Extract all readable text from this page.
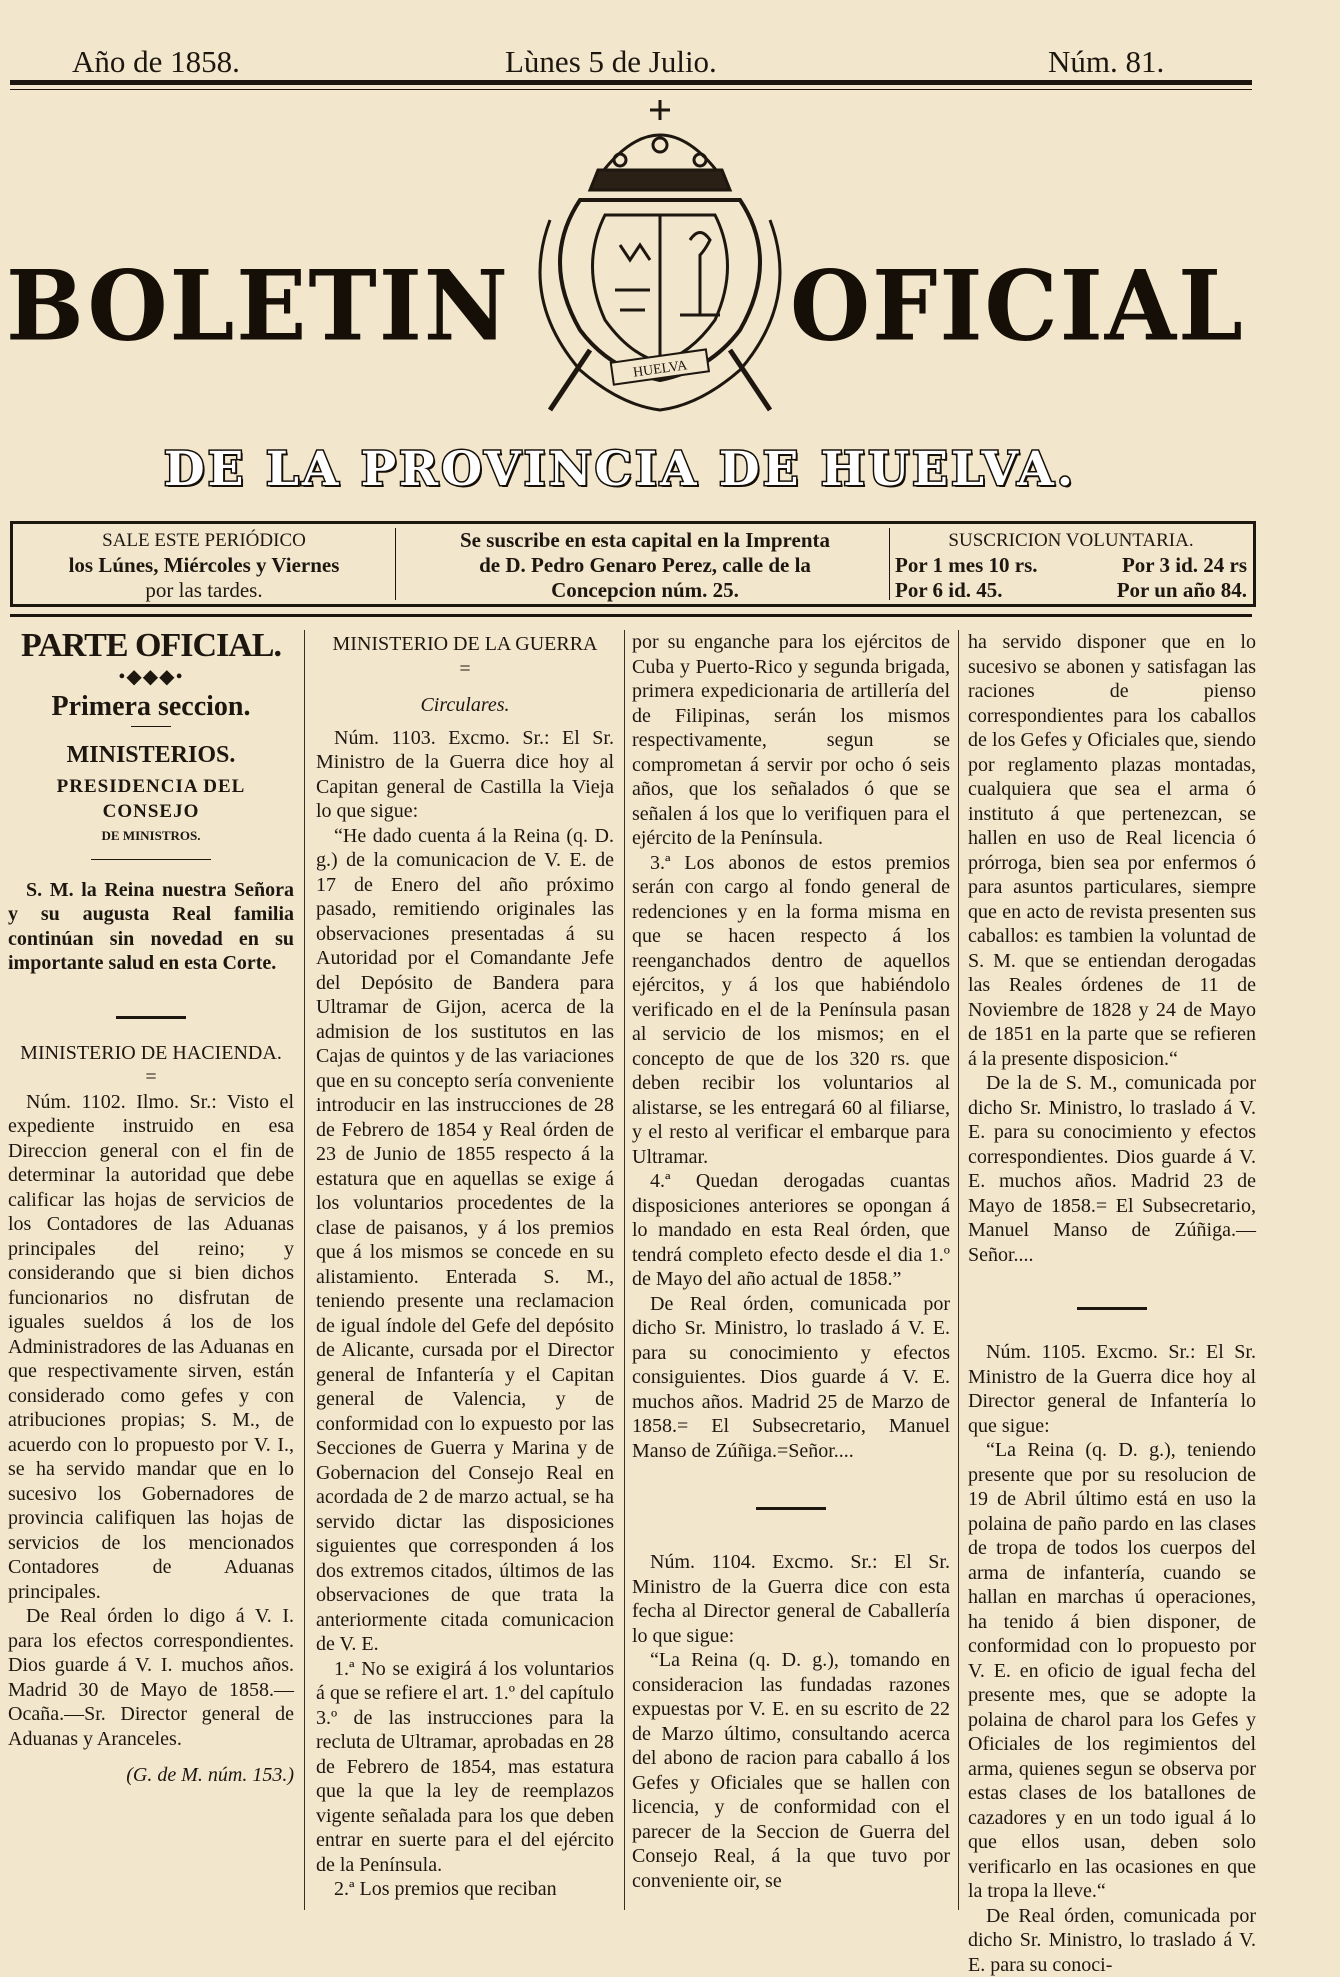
Año de 1858.	Lùnes 5 de Julio.	Núm. 81.
BOLETIN	OFICIAL
HUELVA
DE LA PROVINCIA DE HUELVA.
SALE ESTE PERIÓDICO
los Lúnes, Miércoles y Viernes
por las tardes.
Se suscribe en esta capital en la Imprenta
de D. Pedro Genaro Perez, calle de la
Concepcion núm. 25.
SUSCRICION VOLUNTARIA.
Por 1 mes 10 rs.	Por 3 id. 24 rs
Por 6 id. 45.	Por un año 84.
PARTE OFICIAL.
•◆◆◆•
Primera seccion.
MINISTERIOS.
PRESIDENCIA DEL CONSEJO
DE MINISTROS.

S. M. la Reina nuestra Señora y su augusta Real familia continúan sin novedad en su importante salud en esta Corte.

MINISTERIO DE HACIENDA.
=

Núm. 1102. Ilmo. Sr.: Visto el expediente instruido en esa Direccion general con el fin de determinar la autoridad que debe calificar las hojas de servicios de los Contadores de las Aduanas principales del reino; y considerando que si bien dichos funcionarios no disfrutan de iguales sueldos á los de los Administradores de las Aduanas en que respectivamente sirven, están considerado como gefes y con atribuciones propias; S. M., de acuerdo con lo propuesto por V. I., se ha servido mandar que en lo sucesivo los Gobernadores de provincia califiquen las hojas de servicios de los mencionados Contadores de Aduanas principales.

De Real órden lo digo á V. I. para los efectos correspondientes. Dios guarde á V. I. muchos años. Madrid 30 de Mayo de 1858.— Ocaña.—Sr. Director general de Aduanas y Aranceles.

(G. de M. núm. 153.)
MINISTERIO DE LA GUERRA
=
Circulares.

Núm. 1103. Excmo. Sr.: El Sr. Ministro de la Guerra dice hoy al Capitan general de Castilla la Vieja lo que sigue:

“He dado cuenta á la Reina (q. D. g.) de la comunicacion de V. E. de 17 de Enero del año próximo pasado, remitiendo originales las observaciones presentadas á su Autoridad por el Comandante Jefe del Depósito de Bandera para Ultramar de Gijon, acerca de la admision de los sustitutos en las Cajas de quintos y de las variaciones que en su concepto sería conveniente introducir en las instrucciones de 28 de Febrero de 1854 y Real órden de 23 de Junio de 1855 respecto á la estatura que en aquellas se exige á los voluntarios procedentes de la clase de paisanos, y á los premios que á los mismos se concede en su alistamiento. Enterada S. M., teniendo presente una reclamacion de igual índole del Gefe del depósito de Alicante, cursada por el Director general de Infantería y el Capitan general de Valencia, y de conformidad con lo expuesto por las Secciones de Guerra y Marina y de Gobernacion del Consejo Real en acordada de 2 de marzo actual, se ha servido dictar las disposiciones siguientes que corresponden á los dos extremos citados, últimos de las observaciones de que trata la anteriormente citada comunicacion de V. E.

1.ª No se exigirá á los voluntarios á que se refiere el art. 1.º del capítulo 3.º de las instrucciones para la recluta de Ultramar, aprobadas en 28 de Febrero de 1854, mas estatura que la que la ley de reemplazos vigente señalada para los que deben entrar en suerte para el del ejército de la Península.

2.ª Los premios que reciban

por su enganche para los ejércitos de Cuba y Puerto-Rico y segunda brigada, primera expedicionaria de artillería del de Filipinas, serán los mismos respectivamente, segun se comprometan á servir por ocho ó seis años, que los señalados ó que se señalen á los que lo verifiquen para el ejército de la Península.

3.ª Los abonos de estos premios serán con cargo al fondo general de redenciones y en la forma misma en que se hacen respecto á los reenganchados dentro de aquellos ejércitos, y á los que habiéndolo verificado en el de la Península pasan al servicio de los mismos; en el concepto de que de los 320 rs. que deben recibir los voluntarios al alistarse, se les entregará 60 al filiarse, y el resto al verificar el embarque para Ultramar.

4.ª Quedan derogadas cuantas disposiciones anteriores se opongan á lo mandado en esta Real órden, que tendrá completo efecto desde el dia 1.º de Mayo del año actual de 1858.”

De Real órden, comunicada por dicho Sr. Ministro, lo traslado á V. E. para su conocimiento y efectos consiguientes. Dios guarde á V. E. muchos años. Madrid 25 de Marzo de 1858.= El Subsecretario, Manuel Manso de Zúñiga.=Señor....

Núm. 1104. Excmo. Sr.: El Sr. Ministro de la Guerra dice con esta fecha al Director general de Caballería lo que sigue:

“La Reina (q. D. g.), tomando en consideracion las fundadas razones expuestas por V. E. en su escrito de 22 de Marzo último, consultando acerca del abono de racion para caballo á los Gefes y Oficiales que se hallen con licencia, y de conformidad con el parecer de la Seccion de Guerra del Consejo Real, á la que tuvo por conveniente oir, se

ha servido disponer que en lo sucesivo se abonen y satisfagan las raciones de pienso correspondientes para los caballos de los Gefes y Oficiales que, siendo por reglamento plazas montadas, cualquiera que sea el arma ó instituto á que pertenezcan, se hallen en uso de Real licencia ó prórroga, bien sea por enfermos ó para asuntos particulares, siempre que en acto de revista presenten sus caballos: es tambien la voluntad de S. M. que se entiendan derogadas las Reales órdenes de 11 de Noviembre de 1828 y 24 de Mayo de 1851 en la parte que se refieren á la presente disposicion.“

De la de S. M., comunicada por dicho Sr. Ministro, lo traslado á V. E. para su conocimiento y efectos correspondientes. Dios guarde á V. E. muchos años. Madrid 23 de Mayo de 1858.= El Subsecretario, Manuel Manso de Zúñiga.—Señor....

Núm. 1105. Excmo. Sr.: El Sr. Ministro de la Guerra dice hoy al Director general de Infantería lo que sigue:

“La Reina (q. D. g.), teniendo presente que por su resolucion de 19 de Abril último está en uso la polaina de paño pardo en las clases de tropa de todos los cuerpos del arma de infantería, cuando se hallan en marchas ú operaciones, ha tenido á bien disponer, de conformidad con lo propuesto por V. E. en oficio de igual fecha del presente mes, que se adopte la polaina de charol para los Gefes y Oficiales de los regimientos del arma, quienes segun se observa por estas clases de los batallones de cazadores y en un todo igual á lo que ellos usan, deben solo verificarlo en las ocasiones en que la tropa la lleve.“

De Real órden, comunicada por dicho Sr. Ministro, lo traslado á V. E. para su conoci-
